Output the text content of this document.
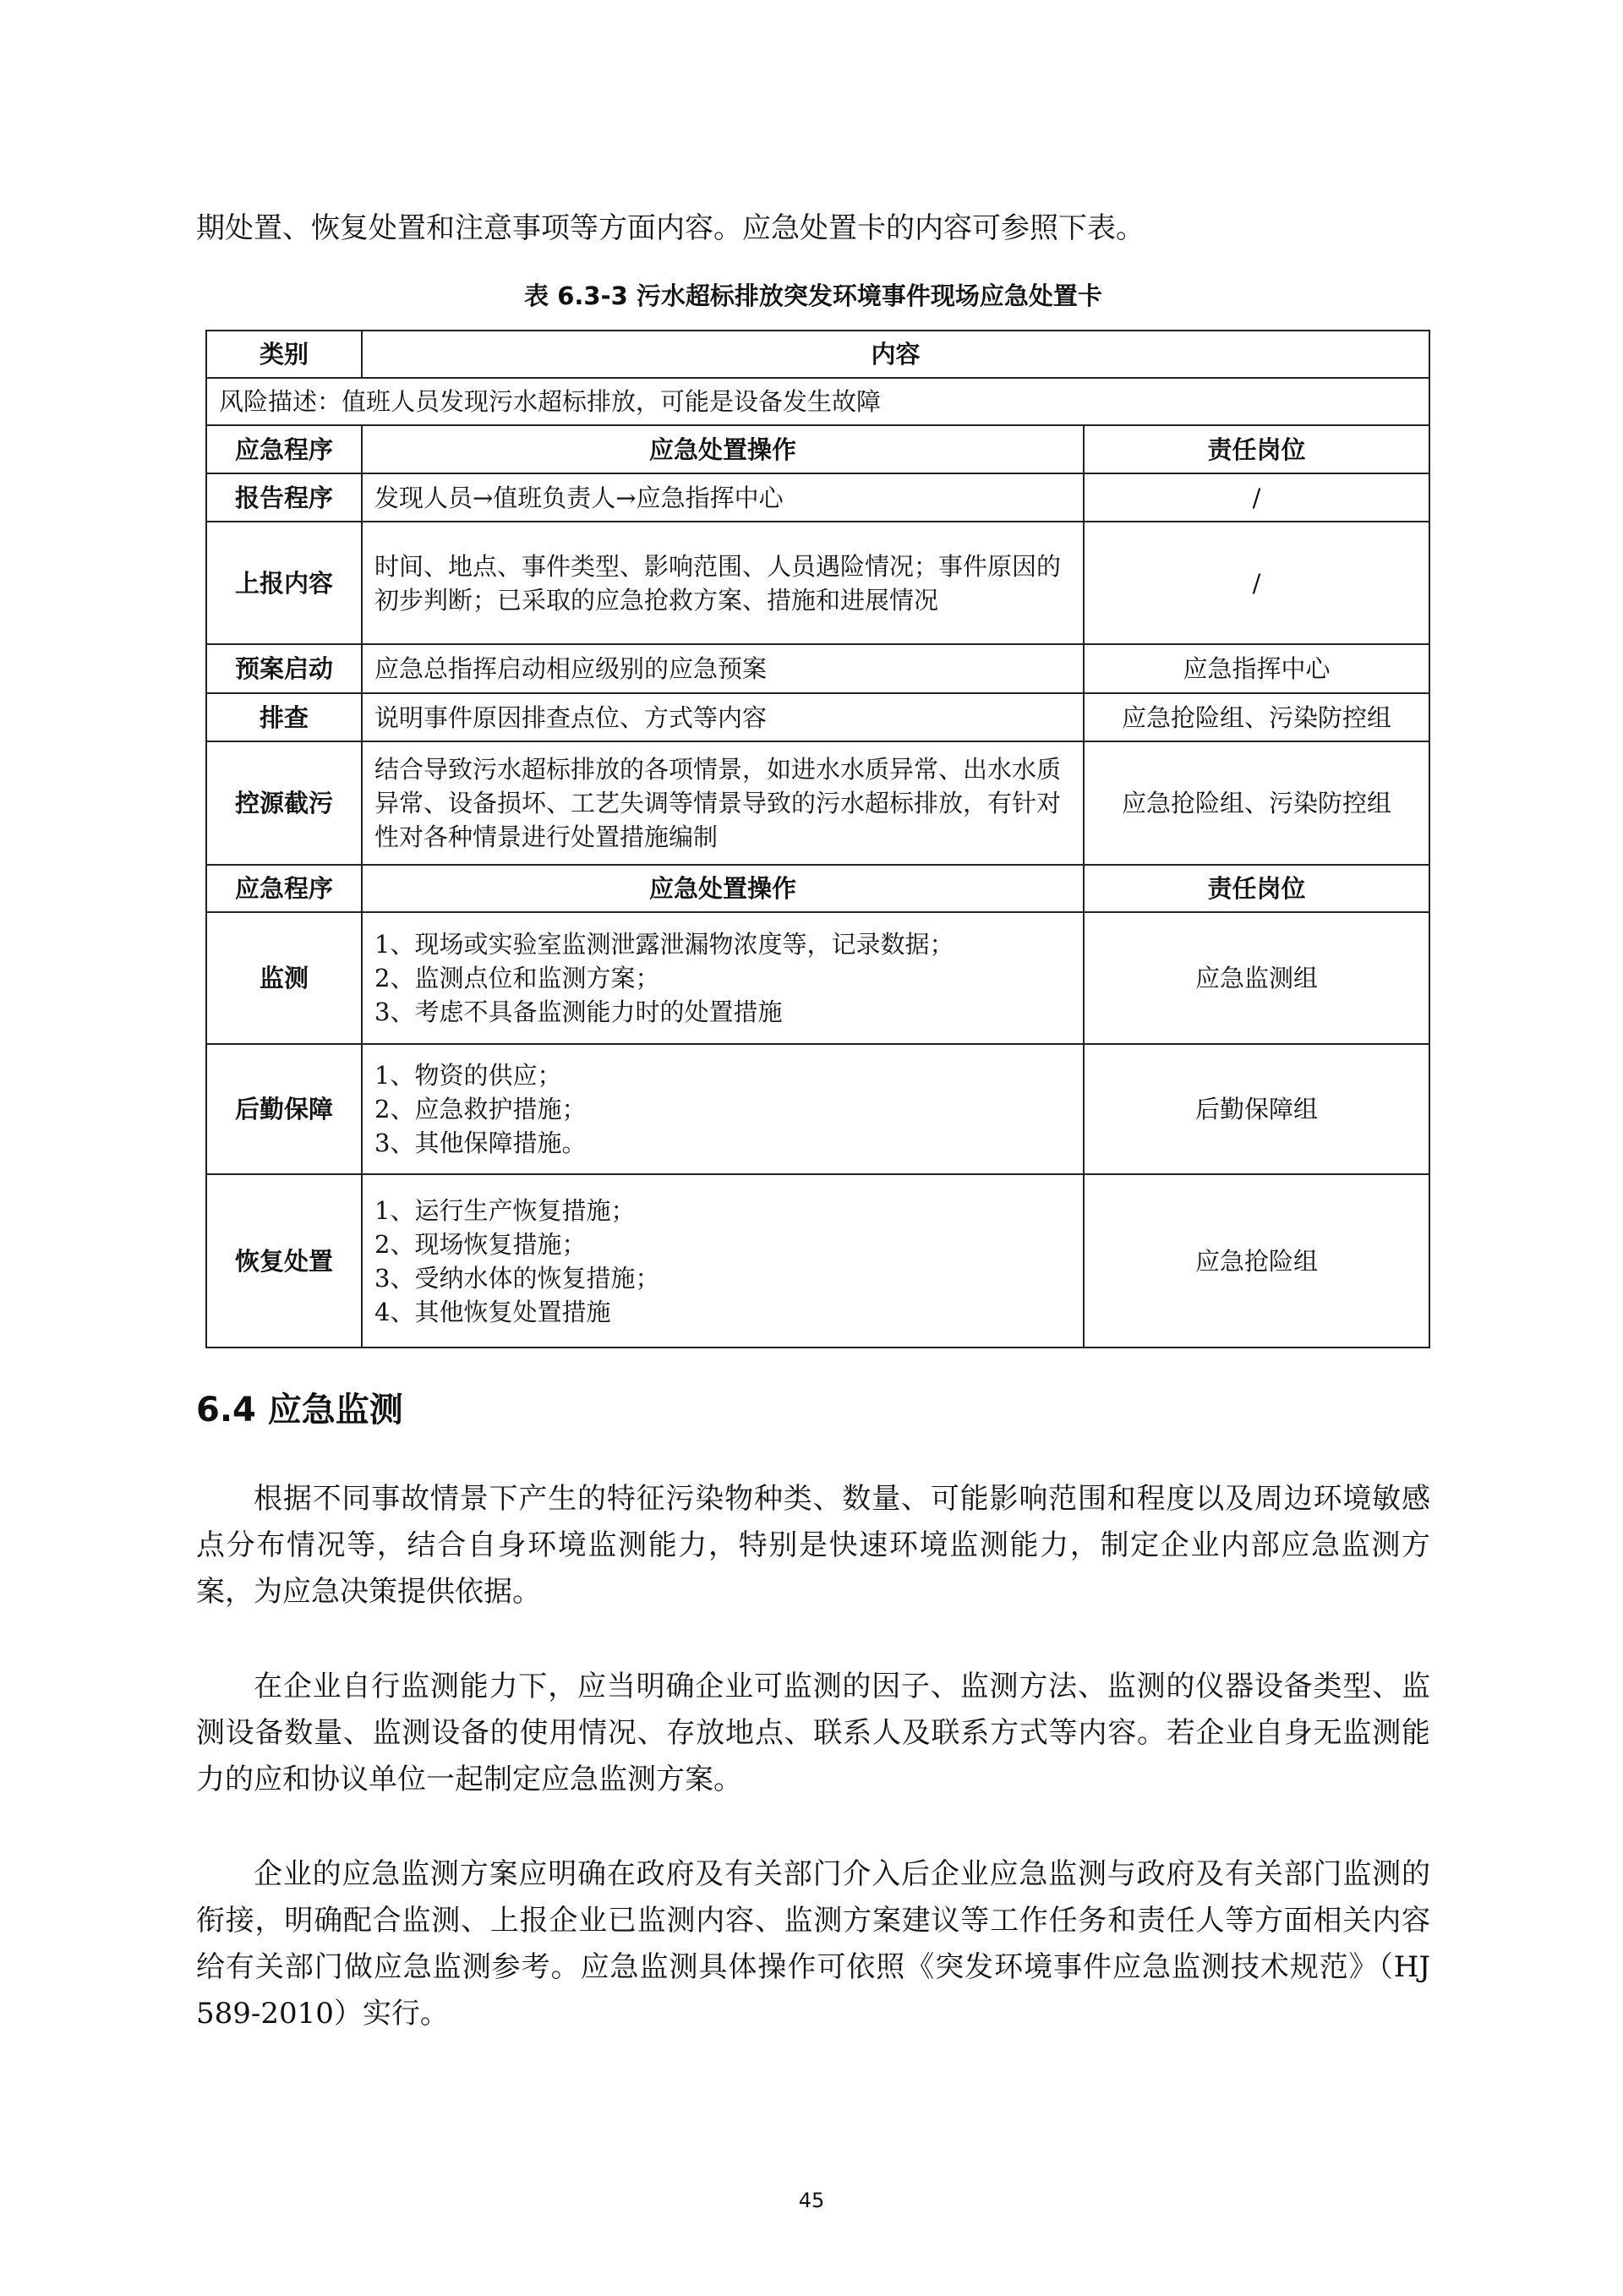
期处置、恢复处置和注意事项等方面内容。应急处置卡的内容可参照下表。
表 6.3-3 污水超标排放突发环境事件现场应急处置卡
类别	内容	
风险描述：值班人员发现污水超标排放，可能是设备发生故障		
应急程序	应急处置操作	责任岗位
报告程序	发现人员→值班负责人→应急指挥中心	/
上报内容	时间、地点、事件类型、影响范围、人员遇险情况；事件原因的初步判断；已采取的应急抢救方案、措施和进展情况	/
预案启动	应急总指挥启动相应级别的应急预案	应急指挥中心
排查	说明事件原因排查点位、方式等内容	应急抢险组、污染防控组
控源截污	结合导致污水超标排放的各项情景，如进水水质异常、出水水质异常、设备损坏、工艺失调等情景导致的污水超标排放，有针对性对各种情景进行处置措施编制	应急抢险组、污染防控组
应急程序	应急处置操作	责任岗位
监测	1、现场或实验室监测泄露泄漏物浓度等，记录数据；
2、监测点位和监测方案；
3、考虑不具备监测能力时的处置措施	应急监测组
后勤保障	1、物资的供应；
2、应急救护措施；
3、其他保障措施。	后勤保障组
恢复处置	1、运行生产恢复措施；
2、现场恢复措施；
3、受纳水体的恢复措施；
4、其他恢复处置措施	应急抢险组
6.4 应急监测

根据不同事故情景下产生的特征污染物种类、数量、可能影响范围和程度以及周边环境敏感点分布情况等，结合自身环境监测能力，特别是快速环境监测能力，制定企业内部应急监测方案，为应急决策提供依据。

在企业自行监测能力下，应当明确企业可监测的因子、监测方法、监测的仪器设备类型、监测设备数量、监测设备的使用情况、存放地点、联系人及联系方式等内容。若企业自身无监测能力的应和协议单位一起制定应急监测方案。

企业的应急监测方案应明确在政府及有关部门介入后企业应急监测与政府及有关部门监测的衔接，明确配合监测、上报企业已监测内容、监测方案建议等工作任务和责任人等方面相关内容给有关部门做应急监测参考。应急监测具体操作可依照《突发环境事件应急监测技术规范》（HJ 589-2010）实行。

45
